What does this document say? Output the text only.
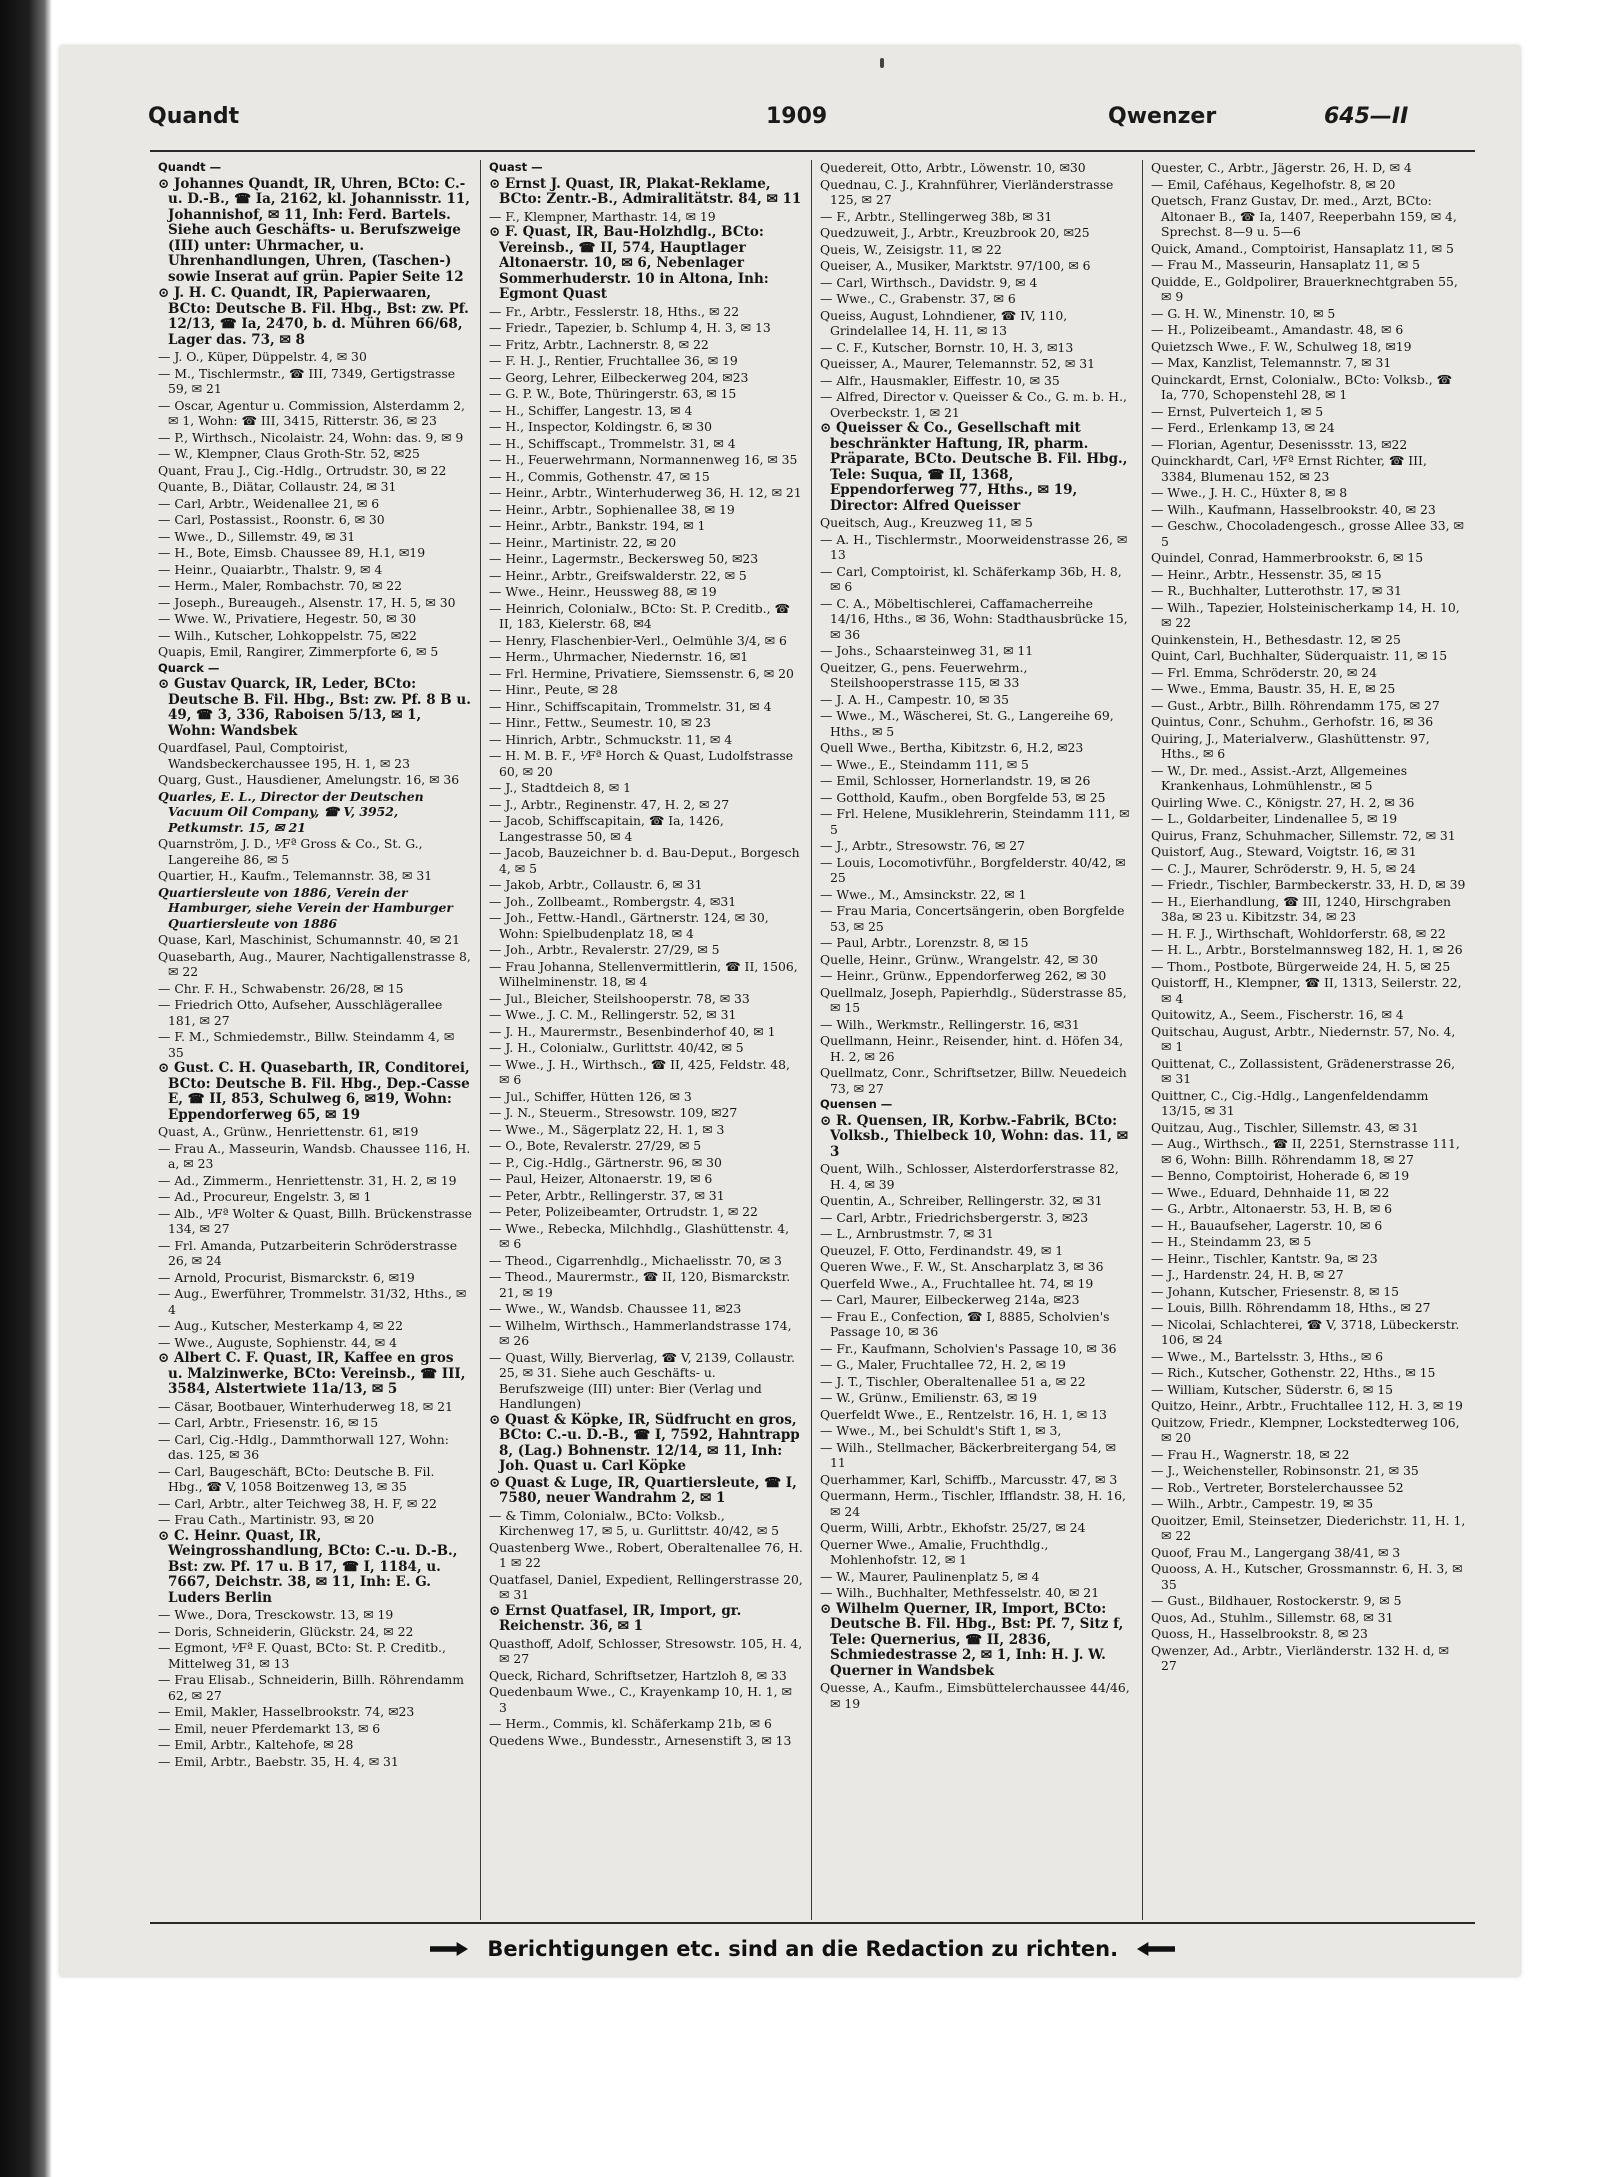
Quandt	1909	Qwenzer	645—II
Quandt —
⊙ Johannes Quandt, IR, Uhren, BCto: C.-u. D.-B., ☎ Ia, 2162, kl. Johannisstr. 11, Johannishof, ✉ 11, Inh: Ferd. Bartels. Siehe auch Geschäfts- u. Berufszweige (III) unter: Uhrmacher, u. Uhrenhandlungen, Uhren, (Taschen-) sowie Inserat auf grün. Papier Seite 12
⊙ J. H. C. Quandt, IR, Papierwaaren, BCto: Deutsche B. Fil. Hbg., Bst: zw. Pf. 12/13, ☎ Ia, 2470, b. d. Mühren 66/68, Lager das. 73, ✉ 8
— J. O., Küper, Düppelstr. 4, ✉ 30
— M., Tischlermstr., ☎ III, 7349, Gertigstrasse 59, ✉ 21
— Oscar, Agentur u. Commission, Alsterdamm 2, ✉ 1, Wohn: ☎ III, 3415, Ritterstr. 36, ✉ 23
— P., Wirthsch., Nicolaistr. 24, Wohn: das. 9, ✉ 9
— W., Klempner, Claus Groth-Str. 52, ✉25
Quant, Frau J., Cig.-Hdlg., Ortrudstr. 30, ✉ 22
Quante, B., Diätar, Collaustr. 24, ✉ 31
— Carl, Arbtr., Weidenallee 21, ✉ 6
— Carl, Postassist., Roonstr. 6, ✉ 30
— Wwe., D., Sillemstr. 49, ✉ 31
— H., Bote, Eimsb. Chaussee 89, H.1, ✉19
— Heinr., Quaiarbtr., Thalstr. 9, ✉ 4
— Herm., Maler, Rombachstr. 70, ✉ 22
— Joseph., Bureaugeh., Alsenstr. 17, H. 5, ✉ 30
— Wwe. W., Privatiere, Hegestr. 50, ✉ 30
— Wilh., Kutscher, Lohkoppelstr. 75, ✉22
Quapis, Emil, Rangirer, Zimmerpforte 6, ✉ 5
Quarck —
⊙ Gustav Quarck, IR, Leder, BCto: Deutsche B. Fil. Hbg., Bst: zw. Pf. 8 B u. 49, ☎ 3, 336, Raboisen 5/13, ✉ 1, Wohn: Wandsbek
Quardfasel, Paul, Comptoirist, Wandsbeckerchaussee 195, H. 1, ✉ 23
Quarg, Gust., Hausdiener, Amelungstr. 16, ✉ 36
Quarles, E. L., Director der Deutschen Vacuum Oil Company, ☎ V, 3952, Petkumstr. 15, ✉ 21
Quarnström, J. D., ⅟Fª Gross & Co., St. G., Langereihe 86, ✉ 5
Quartier, H., Kaufm., Telemannstr. 38, ✉ 31
Quartiersleute von 1886, Verein der Hamburger, siehe Verein der Hamburger Quartiersleute von 1886
Quase, Karl, Maschinist, Schumannstr. 40, ✉ 21
Quasebarth, Aug., Maurer, Nachtigallenstrasse 8, ✉ 22
— Chr. F. H., Schwabenstr. 26/28, ✉ 15
— Friedrich Otto, Aufseher, Ausschlägerallee 181, ✉ 27
— F. M., Schmiedemstr., Billw. Steindamm 4, ✉ 35
⊙ Gust. C. H. Quasebarth, IR, Conditorei, BCto: Deutsche B. Fil. Hbg., Dep.-Casse E, ☎ II, 853, Schulweg 6, ✉19, Wohn: Eppendorferweg 65, ✉ 19
Quast, A., Grünw., Henriettenstr. 61, ✉19
— Frau A., Masseurin, Wandsb. Chaussee 116, H. a, ✉ 23
— Ad., Zimmerm., Henriettenstr. 31, H. 2, ✉ 19
— Ad., Procureur, Engelstr. 3, ✉ 1
— Alb., ⅟Fª Wolter & Quast, Billh. Brückenstrasse 134, ✉ 27
— Frl. Amanda, Putzarbeiterin Schröderstrasse 26, ✉ 24
— Arnold, Procurist, Bismarckstr. 6, ✉19
— Aug., Ewerführer, Trommelstr. 31/32, Hths., ✉ 4
— Aug., Kutscher, Mesterkamp 4, ✉ 22
— Wwe., Auguste, Sophienstr. 44, ✉ 4
⊙ Albert C. F. Quast, IR, Kaffee en gros u. Malzinwerke, BCto: Vereinsb., ☎ III, 3584, Alstertwiete 11a/13, ✉ 5
— Cäsar, Bootbauer, Winterhuderweg 18, ✉ 21
— Carl, Arbtr., Friesenstr. 16, ✉ 15
— Carl, Cig.-Hdlg., Dammthorwall 127, Wohn: das. 125, ✉ 36
— Carl, Baugeschäft, BCto: Deutsche B. Fil. Hbg., ☎ V, 1058 Boitzenweg 13, ✉ 35
— Carl, Arbtr., alter Teichweg 38, H. F, ✉ 22
— Frau Cath., Martinistr. 93, ✉ 20
⊙ C. Heinr. Quast, IR, Weingrosshandlung, BCto: C.-u. D.-B., Bst: zw. Pf. 17 u. B 17, ☎ I, 1184, u. 7667, Deichstr. 38, ✉ 11, Inh: E. G. Luders Berlin
— Wwe., Dora, Tresckowstr. 13, ✉ 19
— Doris, Schneiderin, Glückstr. 24, ✉ 22
— Egmont, ⅟Fª F. Quast, BCto: St. P. Creditb., Mittelweg 31, ✉ 13
— Frau Elisab., Schneiderin, Billh. Röhrendamm 62, ✉ 27
— Emil, Makler, Hasselbrookstr. 74, ✉23
— Emil, neuer Pferdemarkt 13, ✉ 6
— Emil, Arbtr., Kaltehofe, ✉ 28
— Emil, Arbtr., Baebstr. 35, H. 4, ✉ 31
Quast —
⊙ Ernst J. Quast, IR, Plakat-Reklame, BCto: Zentr.-B., Admiralitätstr. 84, ✉ 11
— F., Klempner, Marthastr. 14, ✉ 19
⊙ F. Quast, IR, Bau-Holzhdlg., BCto: Vereinsb., ☎ II, 574, Hauptlager Altonaerstr. 10, ✉ 6, Nebenlager Sommerhuderstr. 10 in Altona, Inh: Egmont Quast
— Fr., Arbtr., Fesslerstr. 18, Hths., ✉ 22
— Friedr., Tapezier, b. Schlump 4, H. 3, ✉ 13
— Fritz, Arbtr., Lachnerstr. 8, ✉ 22
— F. H. J., Rentier, Fruchtallee 36, ✉ 19
— Georg, Lehrer, Eilbeckerweg 204, ✉23
— G. P. W., Bote, Thüringerstr. 63, ✉ 15
— H., Schiffer, Langestr. 13, ✉ 4
— H., Inspector, Koldingstr. 6, ✉ 30
— H., Schiffscapt., Trommelstr. 31, ✉ 4
— H., Feuerwehrmann, Normannenweg 16, ✉ 35
— H., Commis, Gothenstr. 47, ✉ 15
— Heinr., Arbtr., Winterhuderweg 36, H. 12, ✉ 21
— Heinr., Arbtr., Sophienallee 38, ✉ 19
— Heinr., Arbtr., Bankstr. 194, ✉ 1
— Heinr., Martinistr. 22, ✉ 20
— Heinr., Lagermstr., Beckersweg 50, ✉23
— Heinr., Arbtr., Greifswalderstr. 22, ✉ 5
— Wwe., Heinr., Heussweg 88, ✉ 19
— Heinrich, Colonialw., BCto: St. P. Creditb., ☎ II, 183, Kielerstr. 68, ✉4
— Henry, Flaschenbier-Verl., Oelmühle 3/4, ✉ 6
— Herm., Uhrmacher, Niedernstr. 16, ✉1
— Frl. Hermine, Privatiere, Siemssenstr. 6, ✉ 20
— Hinr., Peute, ✉ 28
— Hinr., Schiffscapitain, Trommelstr. 31, ✉ 4
— Hinr., Fettw., Seumestr. 10, ✉ 23
— Hinrich, Arbtr., Schmuckstr. 11, ✉ 4
— H. M. B. F., ⅟Fª Horch & Quast, Ludolfstrasse 60, ✉ 20
— J., Stadtdeich 8, ✉ 1
— J., Arbtr., Reginenstr. 47, H. 2, ✉ 27
— Jacob, Schiffscapitain, ☎ Ia, 1426, Langestrasse 50, ✉ 4
— Jacob, Bauzeichner b. d. Bau-Deput., Borgesch 4, ✉ 5
— Jakob, Arbtr., Collaustr. 6, ✉ 31
— Joh., Zollbeamt., Rombergstr. 4, ✉31
— Joh., Fettw.-Handl., Gärtnerstr. 124, ✉ 30, Wohn: Spielbudenplatz 18, ✉ 4
— Joh., Arbtr., Revalerstr. 27/29, ✉ 5
— Frau Johanna, Stellenvermittlerin, ☎ II, 1506, Wilhelminenstr. 18, ✉ 4
— Jul., Bleicher, Steilshooperstr. 78, ✉ 33
— Wwe., J. C. M., Rellingerstr. 52, ✉ 31
— J. H., Maurermstr., Besenbinderhof 40, ✉ 1
— J. H., Colonialw., Gurlittstr. 40/42, ✉ 5
— Wwe., J. H., Wirthsch., ☎ II, 425, Feldstr. 48, ✉ 6
— Jul., Schiffer, Hütten 126, ✉ 3
— J. N., Steuerm., Stresowstr. 109, ✉27
— Wwe., M., Sägerplatz 22, H. 1, ✉ 3
— O., Bote, Revalerstr. 27/29, ✉ 5
— P., Cig.-Hdlg., Gärtnerstr. 96, ✉ 30
— Paul, Heizer, Altonaerstr. 19, ✉ 6
— Peter, Arbtr., Rellingerstr. 37, ✉ 31
— Peter, Polizeibeamter, Ortrudstr. 1, ✉ 22
— Wwe., Rebecka, Milchhdlg., Glashüttenstr. 4, ✉ 6
— Theod., Cigarrenhdlg., Michaelisstr. 70, ✉ 3
— Theod., Maurermstr., ☎ II, 120, Bismarckstr. 21, ✉ 19
— Wwe., W., Wandsb. Chaussee 11, ✉23
— Wilhelm, Wirthsch., Hammerlandstrasse 174, ✉ 26
— Quast, Willy, Bierverlag, ☎ V, 2139, Collaustr. 25, ✉ 31. Siehe auch Geschäfts- u. Berufszweige (III) unter: Bier (Verlag und Handlungen)
⊙ Quast & Köpke, IR, Südfrucht en gros, BCto: C.-u. D.-B., ☎ I, 7592, Hahntrapp 8, (Lag.) Bohnenstr. 12/14, ✉ 11, Inh: Joh. Quast u. Carl Köpke
⊙ Quast & Luge, IR, Quartiersleute, ☎ I, 7580, neuer Wandrahm 2, ✉ 1
— & Timm, Colonialw., BCto: Volksb., Kirchenweg 17, ✉ 5, u. Gurlittstr. 40/42, ✉ 5
Quastenberg Wwe., Robert, Oberaltenallee 76, H. 1 ✉ 22
Quatfasel, Daniel, Expedient, Rellingerstrasse 20, ✉ 31
⊙ Ernst Quatfasel, IR, Import, gr. Reichenstr. 36, ✉ 1
Quasthoff, Adolf, Schlosser, Stresowstr. 105, H. 4, ✉ 27
Queck, Richard, Schriftsetzer, Hartzloh 8, ✉ 33
Quedenbaum Wwe., C., Krayenkamp 10, H. 1, ✉ 3
— Herm., Commis, kl. Schäferkamp 21b, ✉ 6
Quedens Wwe., Bundesstr., Arnesenstift 3, ✉ 13
Quedereit, Otto, Arbtr., Löwenstr. 10, ✉30
Quednau, C. J., Krahnführer, Vierländerstrasse 125, ✉ 27
— F., Arbtr., Stellingerweg 38b, ✉ 31
Quedzuweit, J., Arbtr., Kreuzbrook 20, ✉25
Queis, W., Zeisigstr. 11, ✉ 22
Queiser, A., Musiker, Marktstr. 97/100, ✉ 6
— Carl, Wirthsch., Davidstr. 9, ✉ 4
— Wwe., C., Grabenstr. 37, ✉ 6
Queiss, August, Lohndiener, ☎ IV, 110, Grindelallee 14, H. 11, ✉ 13
— C. F., Kutscher, Bornstr. 10, H. 3, ✉13
Queisser, A., Maurer, Telemannstr. 52, ✉ 31
— Alfr., Hausmakler, Eiffestr. 10, ✉ 35
— Alfred, Director v. Queisser & Co., G. m. b. H., Overbeckstr. 1, ✉ 21
⊙ Queisser & Co., Gesellschaft mit beschränkter Haftung, IR, pharm. Präparate, BCto. Deutsche B. Fil. Hbg., Tele: Suqua, ☎ II, 1368, Eppendorferweg 77, Hths., ✉ 19, Director: Alfred Queisser
Queitsch, Aug., Kreuzweg 11, ✉ 5
— A. H., Tischlermstr., Moorweidenstrasse 26, ✉ 13
— Carl, Comptoirist, kl. Schäferkamp 36b, H. 8, ✉ 6
— C. A., Möbeltischlerei, Caffamacherreihe 14/16, Hths., ✉ 36, Wohn: Stadthausbrücke 15, ✉ 36
— Johs., Schaarsteinweg 31, ✉ 11
Queitzer, G., pens. Feuerwehrm., Steilshooperstrasse 115, ✉ 33
— J. A. H., Campestr. 10, ✉ 35
— Wwe., M., Wäscherei, St. G., Langereihe 69, Hths., ✉ 5
Quell Wwe., Bertha, Kibitzstr. 6, H.2, ✉23
— Wwe., E., Steindamm 111, ✉ 5
— Emil, Schlosser, Hornerlandstr. 19, ✉ 26
— Gotthold, Kaufm., oben Borgfelde 53, ✉ 25
— Frl. Helene, Musiklehrerin, Steindamm 111, ✉ 5
— J., Arbtr., Stresowstr. 76, ✉ 27
— Louis, Locomotivführ., Borgfelderstr. 40/42, ✉ 25
— Wwe., M., Amsinckstr. 22, ✉ 1
— Frau Maria, Concertsängerin, oben Borgfelde 53, ✉ 25
— Paul, Arbtr., Lorenzstr. 8, ✉ 15
Quelle, Heinr., Grünw., Wrangelstr. 42, ✉ 30
— Heinr., Grünw., Eppendorferweg 262, ✉ 30
Quellmalz, Joseph, Papierhdlg., Süderstrasse 85, ✉ 15
— Wilh., Werkmstr., Rellingerstr. 16, ✉31
Quellmann, Heinr., Reisender, hint. d. Höfen 34, H. 2, ✉ 26
Quellmatz, Conr., Schriftsetzer, Billw. Neuedeich 73, ✉ 27
Quensen —
⊙ R. Quensen, IR, Korbw.-Fabrik, BCto: Volksb., Thielbeck 10, Wohn: das. 11, ✉ 3
Quent, Wilh., Schlosser, Alsterdorferstrasse 82, H. 4, ✉ 39
Quentin, A., Schreiber, Rellingerstr. 32, ✉ 31
— Carl, Arbtr., Friedrichsbergerstr. 3, ✉23
— L., Arnbrustmstr. 7, ✉ 31
Queuzel, F. Otto, Ferdinandstr. 49, ✉ 1
Queren Wwe., F. W., St. Anscharplatz 3, ✉ 36
Querfeld Wwe., A., Fruchtallee ht. 74, ✉ 19
— Carl, Maurer, Eilbeckerweg 214a, ✉23
— Frau E., Confection, ☎ I, 8885, Scholvien's Passage 10, ✉ 36
— Fr., Kaufmann, Scholvien's Passage 10, ✉ 36
— G., Maler, Fruchtallee 72, H. 2, ✉ 19
— J. T., Tischler, Oberaltenallee 51 a, ✉ 22
— W., Grünw., Emilienstr. 63, ✉ 19
Querfeldt Wwe., E., Rentzelstr. 16, H. 1, ✉ 13
— Wwe., M., bei Schuldt's Stift 1, ✉ 3,
— Wilh., Stellmacher, Bäckerbreitergang 54, ✉ 11
Querhammer, Karl, Schiffb., Marcusstr. 47, ✉ 3
Quermann, Herm., Tischler, Ifflandstr. 38, H. 16, ✉ 24
Querm, Willi, Arbtr., Ekhofstr. 25/27, ✉ 24
Querner Wwe., Amalie, Fruchthdlg., Mohlenhofstr. 12, ✉ 1
— W., Maurer, Paulinenplatz 5, ✉ 4
— Wilh., Buchhalter, Methfesselstr. 40, ✉ 21
⊙ Wilhelm Querner, IR, Import, BCto: Deutsche B. Fil. Hbg., Bst: Pf. 7, Sitz f, Tele: Quernerius, ☎ II, 2836, Schmiedestrasse 2, ✉ 1, Inh: H. J. W. Querner in Wandsbek
Quesse, A., Kaufm., Eimsbüttelerchaussee 44/46, ✉ 19
Quester, C., Arbtr., Jägerstr. 26, H. D, ✉ 4
— Emil, Caféhaus, Kegelhofstr. 8, ✉ 20
Quetsch, Franz Gustav, Dr. med., Arzt, BCto: Altonaer B., ☎ Ia, 1407, Reeperbahn 159, ✉ 4, Sprechst. 8—9 u. 5—6
Quick, Amand., Comptoirist, Hansaplatz 11, ✉ 5
— Frau M., Masseurin, Hansaplatz 11, ✉ 5
Quidde, E., Goldpolirer, Brauerknechtgraben 55, ✉ 9
— G. H. W., Minenstr. 10, ✉ 5
— H., Polizeibeamt., Amandastr. 48, ✉ 6
Quietzsch Wwe., F. W., Schulweg 18, ✉19
— Max, Kanzlist, Telemannstr. 7, ✉ 31
Quinckardt, Ernst, Colonialw., BCto: Volksb., ☎ Ia, 770, Schopenstehl 28, ✉ 1
— Ernst, Pulverteich 1, ✉ 5
— Ferd., Erlenkamp 13, ✉ 24
— Florian, Agentur, Desenissstr. 13, ✉22
Quinckhardt, Carl, ⅟Fª Ernst Richter, ☎ III, 3384, Blumenau 152, ✉ 23
— Wwe., J. H. C., Hüxter 8, ✉ 8
— Wilh., Kaufmann, Hasselbrookstr. 40, ✉ 23
— Geschw., Chocoladengesch., grosse Allee 33, ✉ 5
Quindel, Conrad, Hammerbrookstr. 6, ✉ 15
— Heinr., Arbtr., Hessenstr. 35, ✉ 15
— R., Buchhalter, Lutterothstr. 17, ✉ 31
— Wilh., Tapezier, Holsteinischerkamp 14, H. 10, ✉ 22
Quinkenstein, H., Bethesdastr. 12, ✉ 25
Quint, Carl, Buchhalter, Süderquaistr. 11, ✉ 15
— Frl. Emma, Schröderstr. 20, ✉ 24
— Wwe., Emma, Baustr. 35, H. E, ✉ 25
— Gust., Arbtr., Billh. Röhrendamm 175, ✉ 27
Quintus, Conr., Schuhm., Gerhofstr. 16, ✉ 36
Quiring, J., Materialverw., Glashüttenstr. 97, Hths., ✉ 6
— W., Dr. med., Assist.-Arzt, Allgemeines Krankenhaus, Lohmühlenstr., ✉ 5
Quirling Wwe. C., Königstr. 27, H. 2, ✉ 36
— L., Goldarbeiter, Lindenallee 5, ✉ 19
Quirus, Franz, Schuhmacher, Sillemstr. 72, ✉ 31
Quistorf, Aug., Steward, Voigtstr. 16, ✉ 31
— C. J., Maurer, Schröderstr. 9, H. 5, ✉ 24
— Friedr., Tischler, Barmbeckerstr. 33, H. D, ✉ 39
— H., Eierhandlung, ☎ III, 1240, Hirschgraben 38a, ✉ 23 u. Kibitzstr. 34, ✉ 23
— H. F. J., Wirthschaft, Wohldorferstr. 68, ✉ 22
— H. L., Arbtr., Borstelmannsweg 182, H. 1, ✉ 26
— Thom., Postbote, Bürgerweide 24, H. 5, ✉ 25
Quistorff, H., Klempner, ☎ II, 1313, Seilerstr. 22, ✉ 4
Quitowitz, A., Seem., Fischerstr. 16, ✉ 4
Quitschau, August, Arbtr., Niedernstr. 57, No. 4, ✉ 1
Quittenat, C., Zollassistent, Grädenerstrasse 26, ✉ 31
Quittner, C., Cig.-Hdlg., Langenfeldendamm 13/15, ✉ 31
Quitzau, Aug., Tischler, Sillemstr. 43, ✉ 31
— Aug., Wirthsch., ☎ II, 2251, Sternstrasse 111, ✉ 6, Wohn: Billh. Röhrendamm 18, ✉ 27
— Benno, Comptoirist, Hoherade 6, ✉ 19
— Wwe., Eduard, Dehnhaide 11, ✉ 22
— G., Arbtr., Altonaerstr. 53, H. B, ✉ 6
— H., Bauaufseher, Lagerstr. 10, ✉ 6
— H., Steindamm 23, ✉ 5
— Heinr., Tischler, Kantstr. 9a, ✉ 23
— J., Hardenstr. 24, H. B, ✉ 27
— Johann, Kutscher, Friesenstr. 8, ✉ 15
— Louis, Billh. Röhrendamm 18, Hths., ✉ 27
— Nicolai, Schlachterei, ☎ V, 3718, Lübeckerstr. 106, ✉ 24
— Wwe., M., Bartelsstr. 3, Hths., ✉ 6
— Rich., Kutscher, Gothenstr. 22, Hths., ✉ 15
— William, Kutscher, Süderstr. 6, ✉ 15
Quitzo, Heinr., Arbtr., Fruchtallee 112, H. 3, ✉ 19
Quitzow, Friedr., Klempner, Lockstedterweg 106, ✉ 20
— Frau H., Wagnerstr. 18, ✉ 22
— J., Weichensteller, Robinsonstr. 21, ✉ 35
— Rob., Vertreter, Borstelerchaussee 52
— Wilh., Arbtr., Campestr. 19, ✉ 35
Quoitzer, Emil, Steinsetzer, Diederichstr. 11, H. 1, ✉ 22
Quoof, Frau M., Langergang 38/41, ✉ 3
Quooss, A. H., Kutscher, Grossmannstr. 6, H. 3, ✉ 35
— Gust., Bildhauer, Rostockerstr. 9, ✉ 5
Quos, Ad., Stuhlm., Sillemstr. 68, ✉ 31
Quoss, H., Hasselbrookstr. 8, ✉ 23
Qwenzer, Ad., Arbtr., Vierländerstr. 132 H. d, ✉ 27
Berichtigungen etc. sind an die Redaction zu richten.
